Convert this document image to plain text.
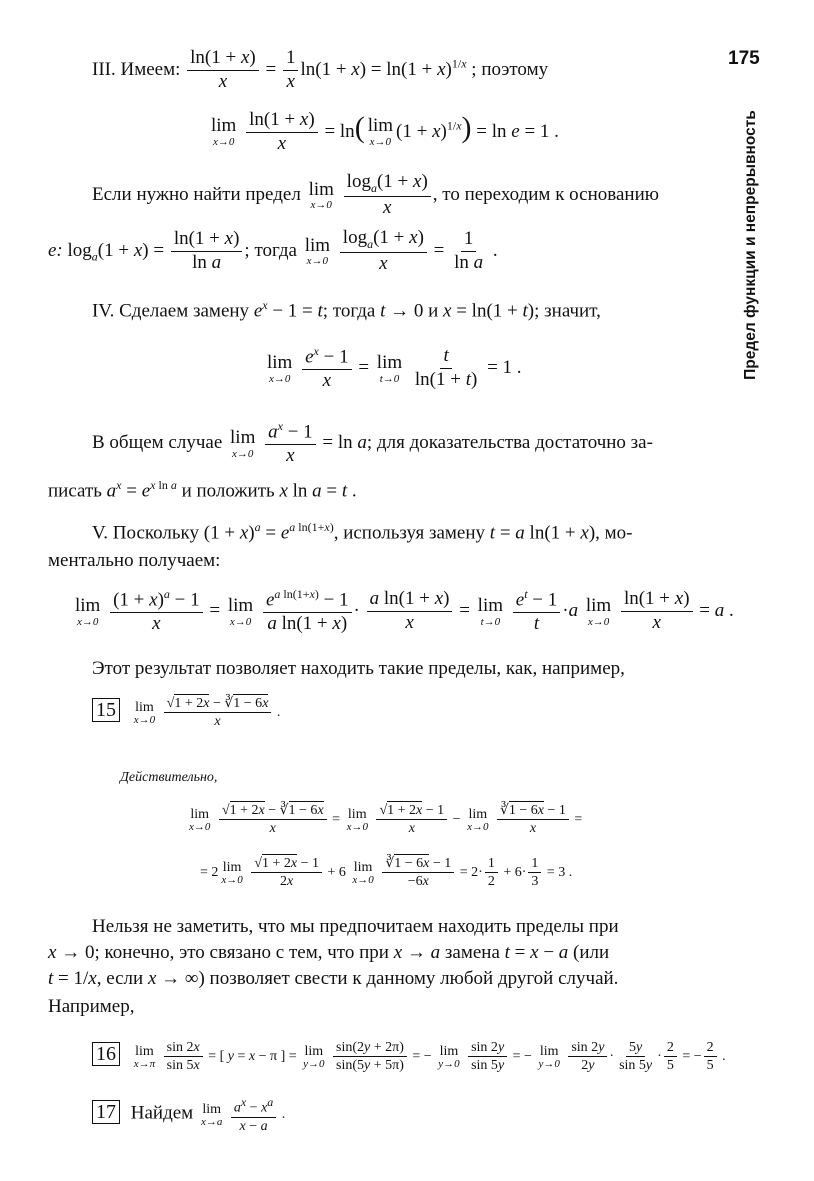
175
Предел функции и непрерывность
III. Имеем: $\frac{\ln(1 + x)}{x} = \frac{1}{x} \ln(1 + x) = \ln(1 + x)^{1/x}$ ; поэтому
lim
x→0
$\frac{\ln(1 + x)}{x} = \ln$( lim
x→0
$(1 + x)^{1/x}) = \ln e = 1$ .
Если нужно найти предел lim
x→0
$\frac{\log_a(1 + x)}{x}$ , то переходим к основанию
e: $\log_a(1 + x) = \frac{\ln(1 + x)}{\text{ln a}}$ ; тогда lim
x→0
$\frac{\log_a(1 + x)}{x} = \frac{1}{\text{ln a}}$ .
IV. Сделаем замену $e^x - 1 = t$; тогда t → 0 и x = ln(1 + t); значит,
lim
x→0
$\frac{e^x - 1}{x} = \lim$
t→0
$\frac{t}{\ln(1 + t)} = 1$ .
В общем случае lim
x→0
$\frac{a^x - 1}{x} = \ln a$; для доказательства достаточно за-
писать $a^x = e^{x ln a}$ и положить x ln a = t .
V. Поскольку $(1 + x)^a = e^{a ln(1+x)}$, используя замену t = a ln(1 + x), мо-
ментально получаем:
lim
x→0
$\frac{(1 + x)^a - 1}{x} = \lim$
x→0
$\frac{e^{a ln(1+x)} - 1}{\text{a ln(1 + x)}} \cdot \frac{\text{a ln(1 + x)}}{x} = \lim$
t→0
$\frac{e^t - 1}{t} \cdot a$ lim
x→0
$\frac{\ln(1 + x)}{x} = a$ .
Этот результат позволяет находить такие пределы, как, например,
15 lim
x→0
$\frac{√1 + 2x - ∛1 - 6x}{x}$ .
Действительно,
lim
x→0
$\frac{√1 + 2x - ∛1 - 6x}{x} = \lim$
x→0
$\frac{√1 + 2x - 1}{x} - \lim$
x→0
$\frac{∛1 - 6x - 1}{x}$ =
= 2 lim
x→0
$\frac{√1 + 2x - 1}{2x} + 6$ lim
x→0
$\frac{∛1 - 6x - 1}{-6x} = 2\cdot \frac{1}{2} + 6\cdot \frac{1}{3} = 3$ .
Нельзя не заметить, что мы предпочитаем находить пределы при
x → 0; конечно, это связано с тем, что при x → a замена t = x − a (или
t = 1/x, если x → ∞) позволяет свести к данному любой другой случай.
Например,
16 lim
x→π
$\frac{\sin 2x}{\sin 5x}$ = [ y = x − π ] = lim
y→0
$\frac{\sin(2y + 2\pi)}{\sin(5y + 5\pi)}$ = − lim
y→0
$\frac{\sin 2y}{\sin 5y}$ = − lim
y→0
$\frac{\sin 2y}{2y} \cdot \frac{5y}{\sin 5y} \cdot \frac{2}{5}$ = − $\frac{2}{5}$ .
17 Найдем lim
x→a
$\frac{a^x - x^a}{x - a}$ .
